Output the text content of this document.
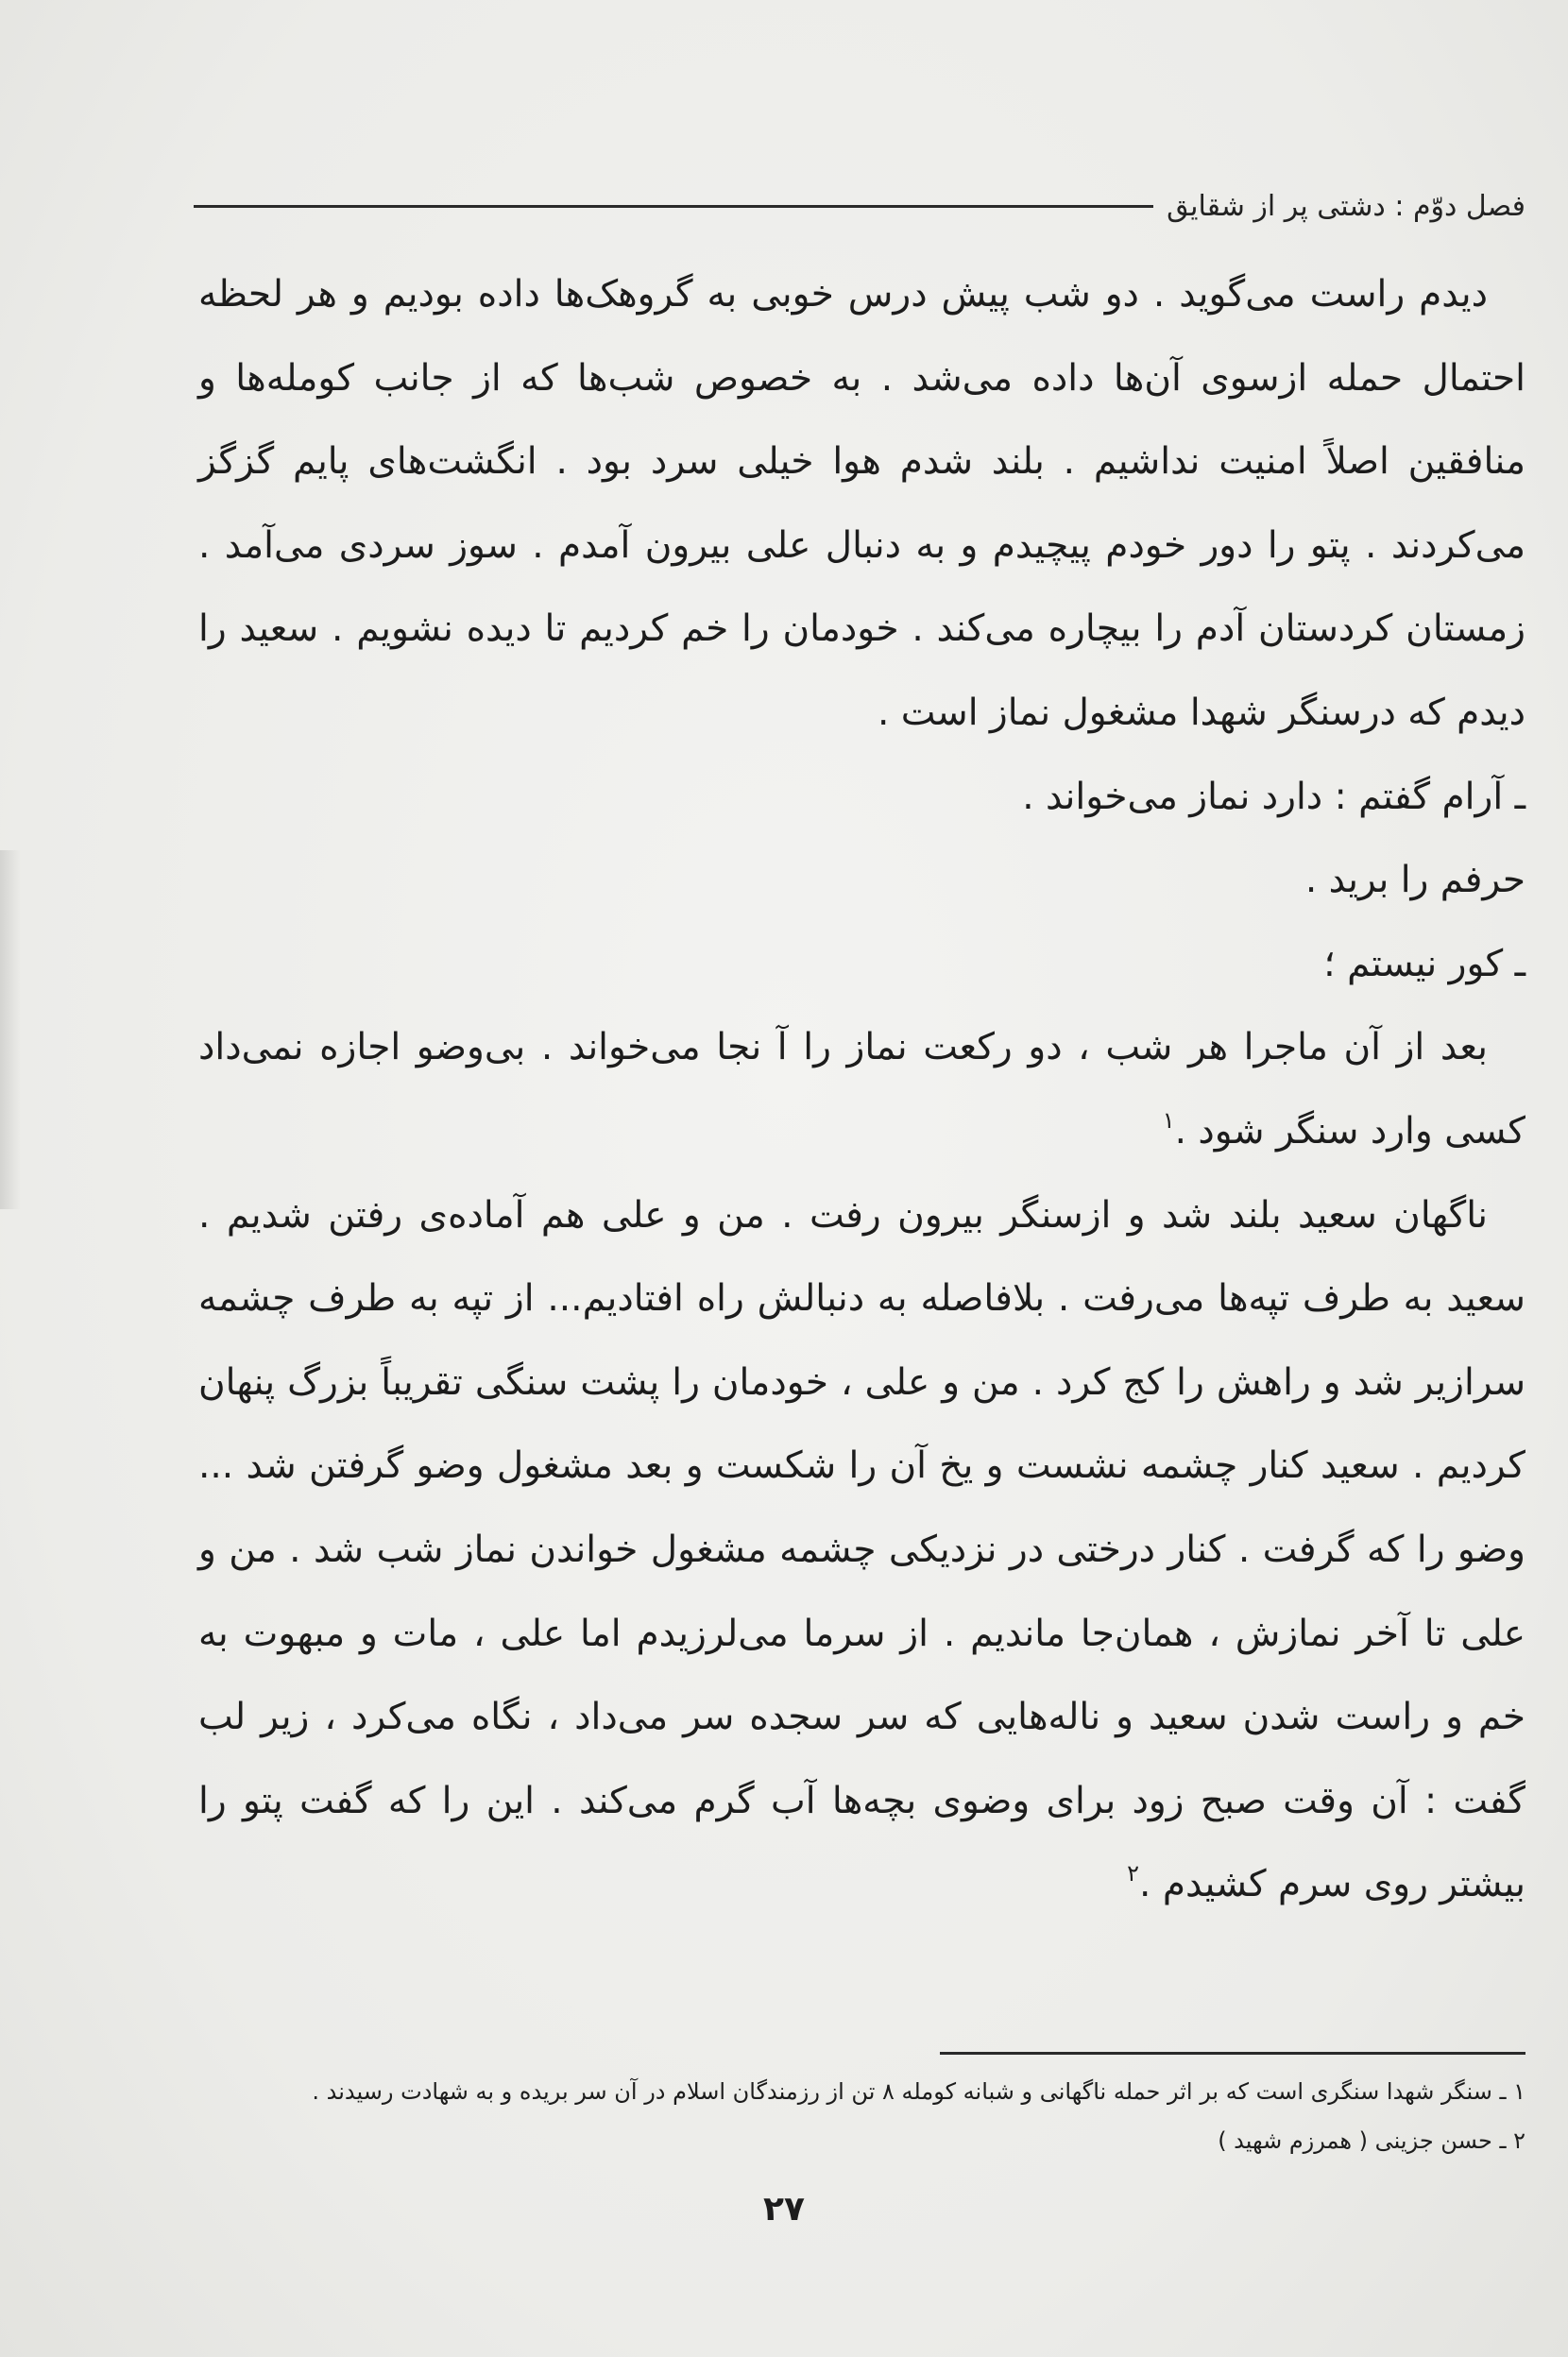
فصل دوّم : دشتی پر از شقایق

دیدم راست می‌گوید . دو شب پیش درس خوبی به گروهک‌ها داده بودیم و هر لحظه احتمال حمله ازسوی آن‌ها داده می‌شد . به خصوص شب‌ها که از جانب کومله‌ها و منافقین اصلاً امنیت نداشیم . بلند شدم هوا خیلی سرد بود . انگشت‌های پایم گزگز می‌کردند . پتو را دور خودم پیچیدم و به دنبال علی بیرون آمدم . سوز سردی می‌آمد . زمستان کردستان آدم را بیچاره می‌کند . خودمان را خم کردیم تا دیده نشویم . سعید را دیدم که درسنگر شهدا مشغول نماز است .

ـ آرام گفتم : دارد نماز می‌خواند .

حرفم را برید .

ـ کور نیستم ؛

بعد از آن ماجرا هر شب ، دو رکعت نماز را آ نجا می‌خواند . بی‌وضو اجازه نمی‌داد کسی وارد سنگر شود .$^۱$

ناگهان سعید بلند شد و ازسنگر بیرون رفت . من و علی هم آماده‌ی رفتن شدیم . سعید به طرف تپه‌ها می‌رفت . بلافاصله به دنبالش راه افتادیم... از تپه به طرف چشمه سرازیر شد و راهش را کج کرد . من و علی ، خودمان را پشت سنگی تقریباً بزرگ پنهان کردیم . سعید کنار چشمه نشست و یخ آن را شکست و بعد مشغول وضو گرفتن شد ... وضو را که گرفت . کنار درختی در نزدیکی چشمه مشغول خواندن نماز شب شد . من و علی تا آخر نمازش ، همان‌جا ماندیم . از سرما می‌لرزیدم اما علی ، مات و مبهوت به خم و راست شدن سعید و ناله‌هایی که سر سجده سر می‌داد ، نگاه می‌کرد ، زیر لب گفت : آن وقت صبح زود برای وضوی بچه‌ها آب گرم می‌کند . این را که گفت پتو را بیشتر روی سرم کشیدم .$^۲$

۱ ـ سنگر شهدا سنگری است که بر اثر حمله ناگهانی و شبانه کومله ۸ تن از رزمندگان اسلام در آن سر بریده و به شهادت رسیدند .

۲ ـ حسن جزینی ( همرزم شهید )

۲۷
